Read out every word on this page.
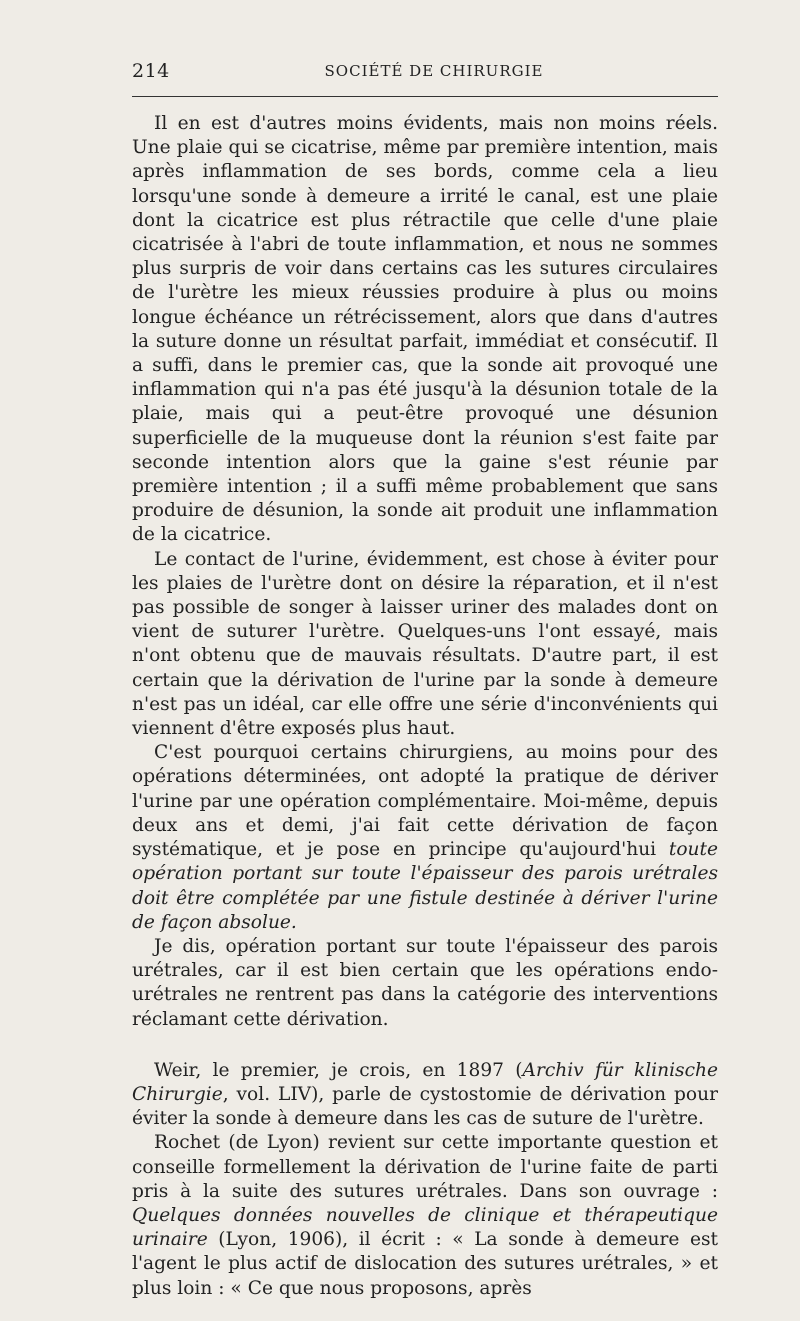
214	SOCIÉTÉ DE CHIRURGIE

Il en est d'autres moins évidents, mais non moins réels. Une plaie qui se cicatrise, même par première intention, mais après inflammation de ses bords, comme cela a lieu lorsqu'une sonde à demeure a irrité le canal, est une plaie dont la cicatrice est plus rétractile que celle d'une plaie cicatrisée à l'abri de toute inflammation, et nous ne sommes plus surpris de voir dans certains cas les sutures circulaires de l'urètre les mieux réussies produire à plus ou moins longue échéance un rétrécissement, alors que dans d'autres la suture donne un résultat parfait, immédiat et consécutif. Il a suffi, dans le premier cas, que la sonde ait provoqué une inflammation qui n'a pas été jusqu'à la désunion totale de la plaie, mais qui a peut-être provoqué une désunion superficielle de la muqueuse dont la réunion s'est faite par seconde intention alors que la gaine s'est réunie par première intention ; il a suffi même probablement que sans produire de désunion, la sonde ait produit une inflammation de la cicatrice.

Le contact de l'urine, évidemment, est chose à éviter pour les plaies de l'urètre dont on désire la réparation, et il n'est pas possible de songer à laisser uriner des malades dont on vient de suturer l'urètre. Quelques-uns l'ont essayé, mais n'ont obtenu que de mauvais résultats. D'autre part, il est certain que la dérivation de l'urine par la sonde à demeure n'est pas un idéal, car elle offre une série d'inconvénients qui viennent d'être exposés plus haut.

C'est pourquoi certains chirurgiens, au moins pour des opérations déterminées, ont adopté la pratique de dériver l'urine par une opération complémentaire. Moi-même, depuis deux ans et demi, j'ai fait cette dérivation de façon systématique, et je pose en principe qu'aujourd'hui toute opération portant sur toute l'épaisseur des parois urétrales doit être complétée par une fistule destinée à dériver l'urine de façon absolue.

Je dis, opération portant sur toute l'épaisseur des parois urétrales, car il est bien certain que les opérations endo-urétrales ne rentrent pas dans la catégorie des interventions réclamant cette dérivation.

Weir, le premier, je crois, en 1897 (Archiv für klinische Chirurgie, vol. LIV), parle de cystostomie de dérivation pour éviter la sonde à demeure dans les cas de suture de l'urètre.

Rochet (de Lyon) revient sur cette importante question et conseille formellement la dérivation de l'urine faite de parti pris à la suite des sutures urétrales. Dans son ouvrage : Quelques données nouvelles de clinique et thérapeutique urinaire (Lyon, 1906), il écrit : « La sonde à demeure est l'agent le plus actif de dislocation des sutures urétrales, » et plus loin : « Ce que nous proposons, après
